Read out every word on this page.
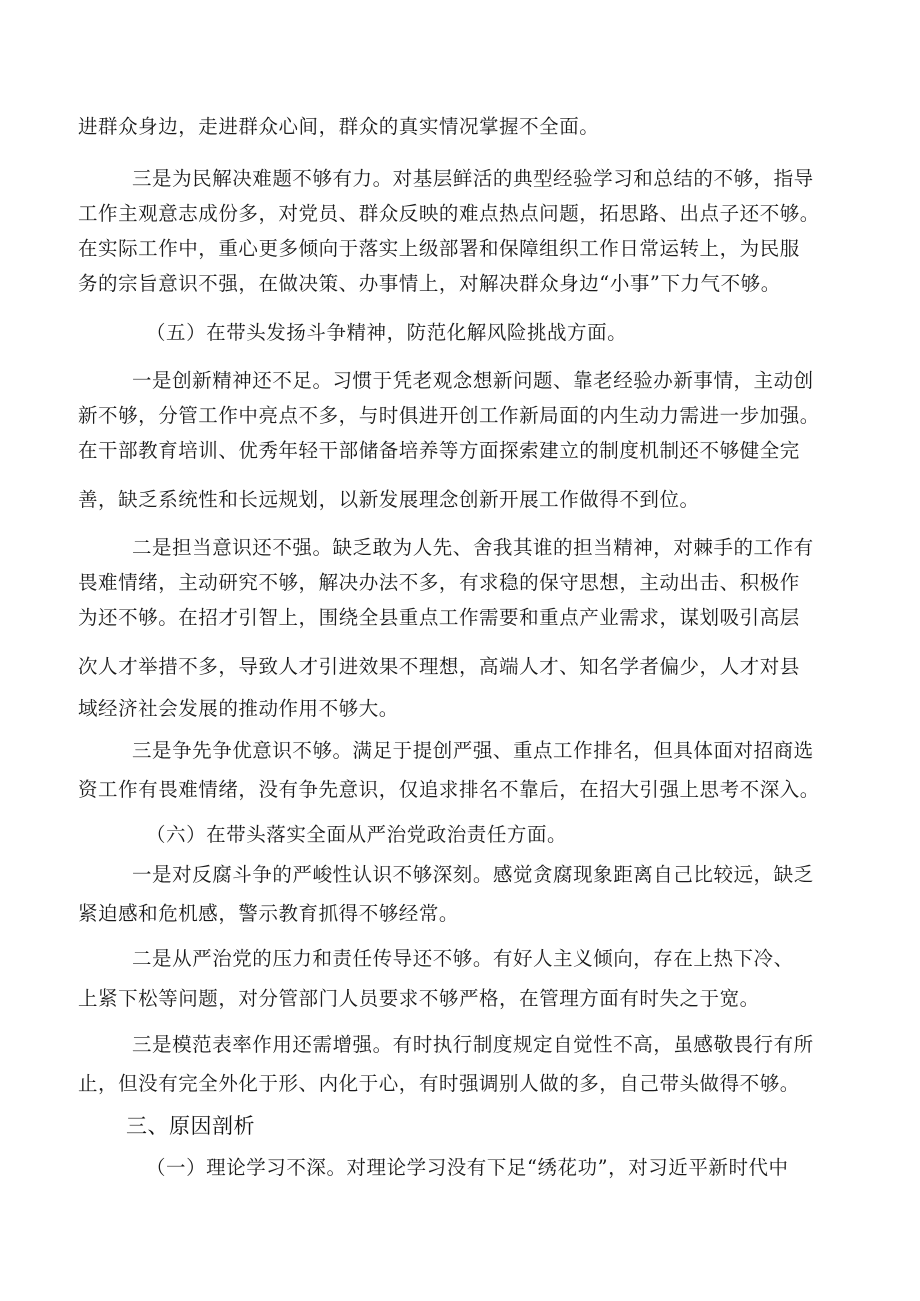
进群众身边，走进群众心间，群众的真实情况掌握不全面。
三是为民解决难题不够有力。对基层鲜活的典型经验学习和总结的不够，指导
工作主观意志成份多，对党员、群众反映的难点热点问题，拓思路、出点子还不够。
在实际工作中，重心更多倾向于落实上级部署和保障组织工作日常运转上，为民服
务的宗旨意识不强，在做决策、办事情上，对解决群众身边“小事”下力气不够。
（五）在带头发扬斗争精神，防范化解风险挑战方面。
一是创新精神还不足。习惯于凭老观念想新问题、靠老经验办新事情，主动创
新不够，分管工作中亮点不多，与时俱进开创工作新局面的内生动力需进一步加强。
在干部教育培训、优秀年轻干部储备培养等方面探索建立的制度机制还不够健全完
善，缺乏系统性和长远规划，以新发展理念创新开展工作做得不到位。
二是担当意识还不强。缺乏敢为人先、舍我其谁的担当精神，对棘手的工作有
畏难情绪，主动研究不够，解决办法不多，有求稳的保守思想，主动出击、积极作
为还不够。在招才引智上，围绕全县重点工作需要和重点产业需求，谋划吸引高层
次人才举措不多，导致人才引进效果不理想，高端人才、知名学者偏少，人才对县
域经济社会发展的推动作用不够大。
三是争先争优意识不够。满足于提创严强、重点工作排名，但具体面对招商选
资工作有畏难情绪，没有争先意识，仅追求排名不靠后，在招大引强上思考不深入。
（六）在带头落实全面从严治党政治责任方面。
一是对反腐斗争的严峻性认识不够深刻。感觉贪腐现象距离自己比较远，缺乏
紧迫感和危机感，警示教育抓得不够经常。
二是从严治党的压力和责任传导还不够。有好人主义倾向，存在上热下冷、
上紧下松等问题，对分管部门人员要求不够严格，在管理方面有时失之于宽。
三是模范表率作用还需增强。有时执行制度规定自觉性不高，虽感敬畏行有所
止，但没有完全外化于形、内化于心，有时强调别人做的多，自己带头做得不够。
三、原因剖析
（一）理论学习不深。对理论学习没有下足“绣花功”，对习近平新时代中
